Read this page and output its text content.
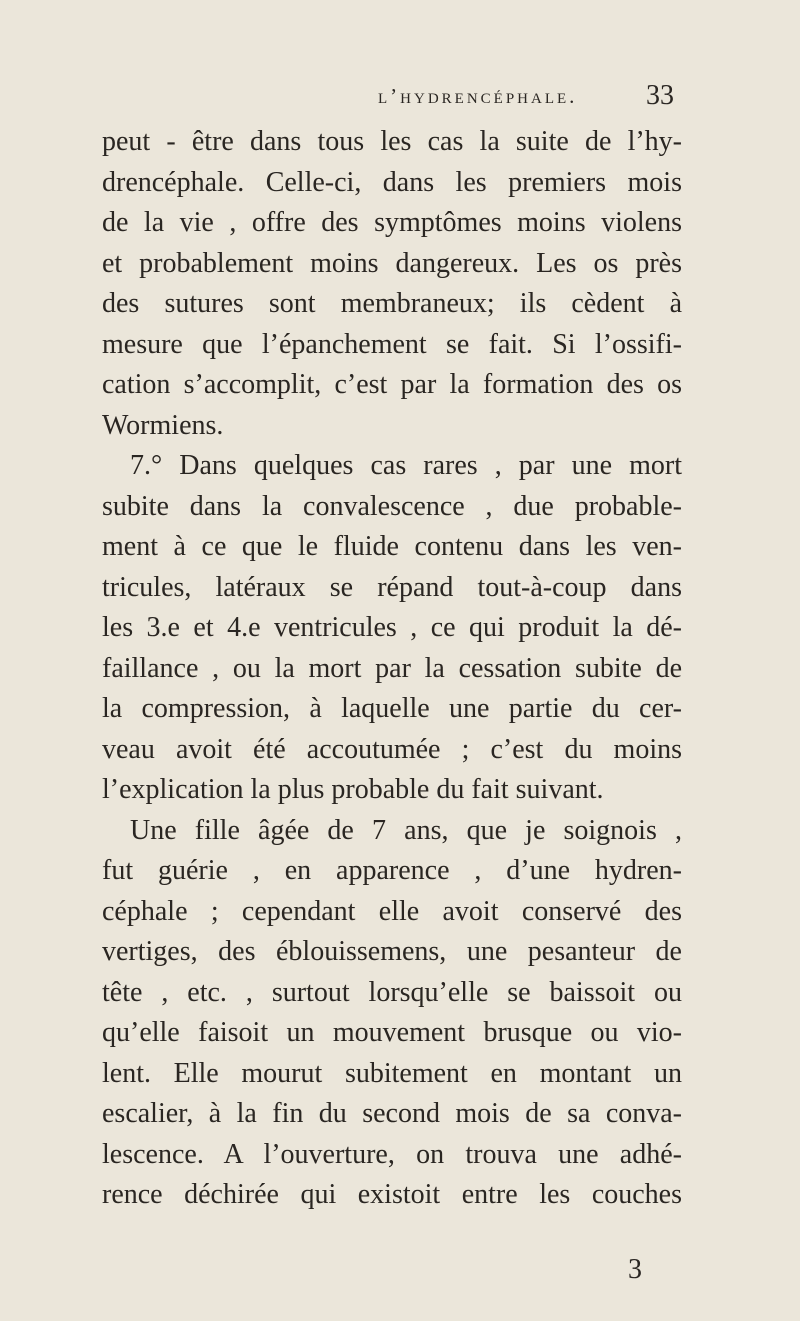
l’hydrencéphale. 33
peut - être dans tous les cas la suite de l’hy-
drencéphale. Celle-ci, dans les premiers mois
de la vie , offre des symptômes moins violens
et probablement moins dangereux. Les os près
des sutures sont membraneux; ils cèdent à
mesure que l’épanchement se fait. Si l’ossifi-
cation s’accomplit, c’est par la formation des os
Wormiens.
7.° Dans quelques cas rares , par une mort
subite dans la convalescence , due probable-
ment à ce que le fluide contenu dans les ven-
tricules, latéraux se répand tout-à-coup dans
les 3.e et 4.e ventricules , ce qui produit la dé-
faillance , ou la mort par la cessation subite de
la compression, à laquelle une partie du cer-
veau avoit été accoutumée ; c’est du moins
l’explication la plus probable du fait suivant.
Une fille âgée de 7 ans, que je soignois ,
fut guérie , en apparence , d’une hydren-
céphale ; cependant elle avoit conservé des
vertiges, des éblouissemens, une pesanteur de
tête , etc. , surtout lorsqu’elle se baissoit ou
qu’elle faisoit un mouvement brusque ou vio-
lent. Elle mourut subitement en montant un
escalier, à la fin du second mois de sa conva-
lescence. A l’ouverture, on trouva une adhé-
rence déchirée qui existoit entre les couches
3
